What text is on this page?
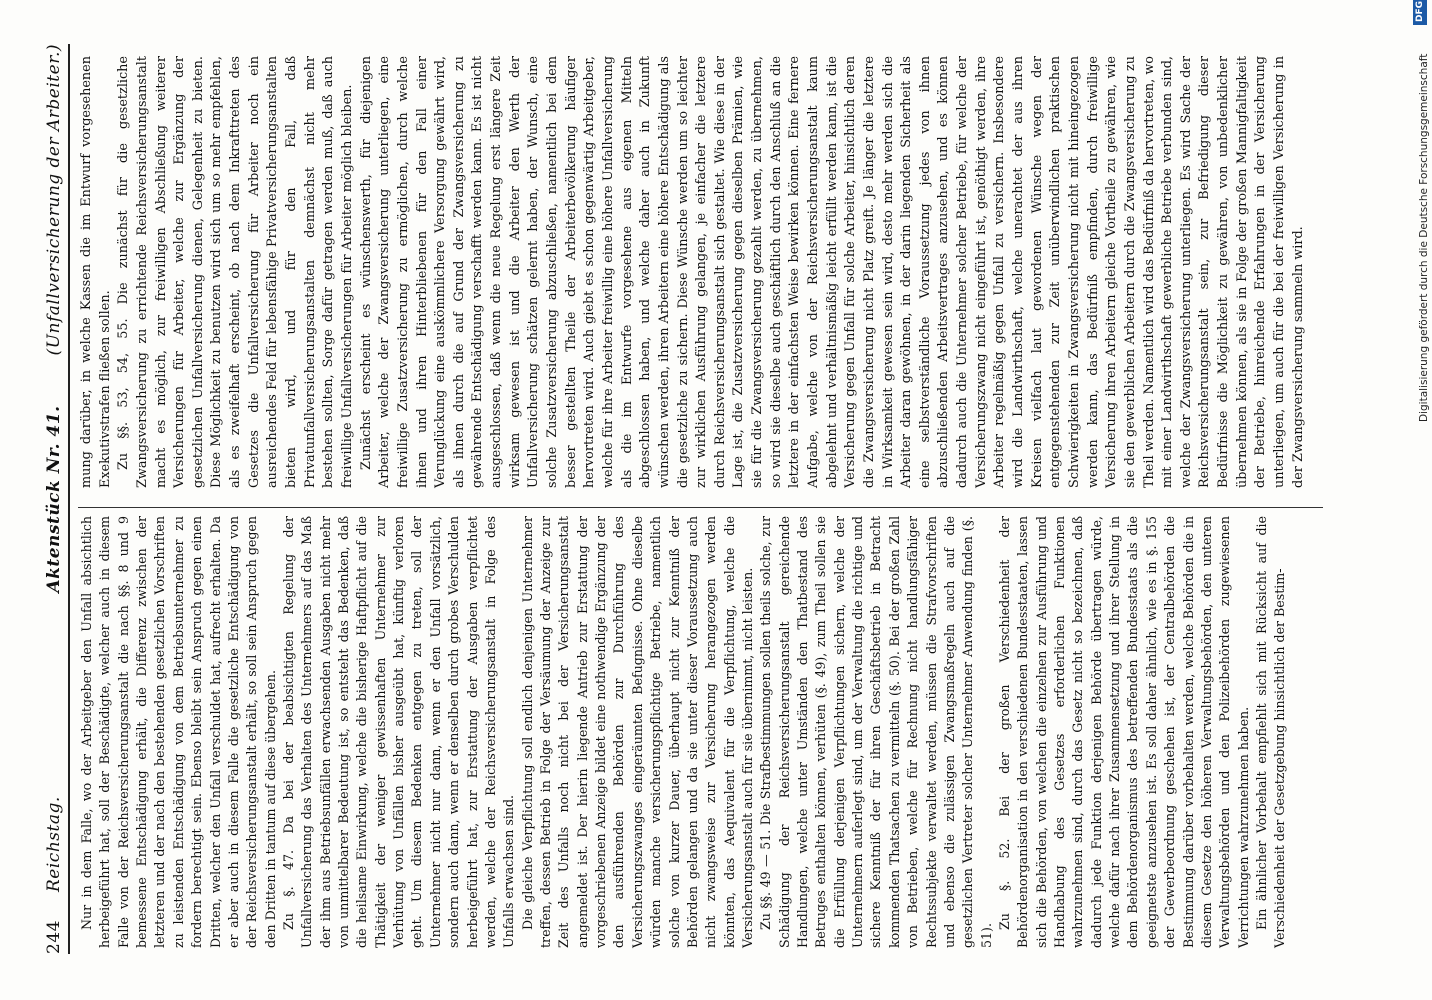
244
Reichstag.
Aktenstück Nr. 41.
(Unfallversicherung der Arbeiter.)

Nur in dem Falle, wo der Arbeitgeber den Unfall absichtlich herbeigeführt hat, soll der Beschädigte, welcher auch in diesem Falle von der Reichsversicherungsanstalt die nach §§. 8 und 9 bemessene Entschädigung erhält, die Differenz zwischen der letzteren und der nach den bestehenden gesetzlichen Vorschriften zu leistenden Entschädigung von dem Betriebsunternehmer zu fordern berechtigt sein. Ebenso bleibt sein Anspruch gegen einen Dritten, welcher den Unfall verschuldet hat, aufrecht erhalten. Da er aber auch in diesem Falle die gesetzliche Entschädigung von der Reichsversicherungsanstalt erhält, so soll sein Anspruch gegen den Dritten in tantum auf diese übergehen. Zu §. 47. Da bei der beabsichtigten Regelung der Unfallversicherung das Verhalten des Unternehmers auf das Maß der ihm aus Betriebsunfällen erwachsenden Ausgaben nicht mehr von unmittelbarer Bedeutung ist, so entsteht das Bedenken, daß die heilsame Einwirkung, welche die bisherige Haftpflicht auf die Thätigkeit der weniger gewissenhaften Unternehmer zur Verhütung von Unfällen bisher ausgeübt hat, künftig verloren geht. Um diesem Bedenken entgegen zu treten, soll der Unternehmer nicht nur dann, wenn er den Unfall vorsätzlich, sondern auch dann, wenn er denselben durch grobes Verschulden herbeigeführt hat, zur Erstattung der Ausgaben verpflichtet werden, welche der Reichsversicherungsanstalt in Folge des Unfalls erwachsen sind. Die gleiche Verpflichtung soll endlich denjenigen Unternehmer treffen, dessen Betrieb in Folge der Versäumung der Anzeige zur Zeit des Unfalls noch nicht bei der Versicherungsanstalt angemeldet ist. Der hierin liegende Antrieb zur Erstattung der vorgeschriebenen Anzeige bildet eine nothwendige Ergänzung der den ausführenden Behörden zur Durchführung des Versicherungszwanges eingeräumten Befugnisse. Ohne dieselbe würden manche versicherungspflichtige Betriebe, namentlich solche von kurzer Dauer, überhaupt nicht zur Kenntniß der Behörden gelangen und da sie unter dieser Voraussetzung auch nicht zwangsweise zur Versicherung herangezogen werden könnten, das Aequivalent für die Verpflichtung, welche die Versicherungsanstalt auch für sie übernimmt, nicht leisten. Zu §§. 49 — 51. Die Strafbestimmungen sollen theils solche, zur Schädigung der Reichsversicherungsanstalt gereichende Handlungen, welche unter Umständen den Thatbestand des Betruges enthalten können, verhüten (§. 49), zum Theil sollen sie die Erfüllung derjenigen Verpflichtungen sichern, welche der Unternehmern auferlegt sind, um der Verwaltung die richtige und sichere Kenntniß der für ihren Geschäftsbetrieb in Betracht kommenden Thatsachen zu vermitteln (§. 50). Bei der großen Zahl von Betrieben, welche für Rechnung nicht handlungsfähiger Rechtssubjekte verwaltet werden, müssen die Strafvorschriften und ebenso die zulässigen Zwangsmaßregeln auch auf die gesetzlichen Vertreter solcher Unternehmer Anwendung finden (§. 51).

Zu §. 52. Bei der großen Verschiedenheit der Behördenorganisation in den verschiedenen Bundesstaaten, lassen sich die Behörden, von welchen die einzelnen zur Ausführung und Handhabung des Gesetzes erforderlichen Funktionen wahrzunehmen sind, durch das Gesetz nicht so bezeichnen, daß dadurch jede Funktion derjenigen Behörde übertragen würde, welche dafür nach ihrer Zusammensetzung und ihrer Stellung in dem Behördenorganismus des betreffenden Bundesstaats als die geeignetste anzusehen ist. Es soll daher ähnlich, wie es in §. 155 der Gewerbeordnung geschehen ist, der Centralbehörden die Bestimmung darüber vorbehalten werden, welche Behörden die in diesem Gesetze den höheren Verwaltungsbehörden, den unteren Verwaltungsbehörden und den Polizeibehörden zugewiesenen Verrichtungen wahrzunehmen haben. Ein ähnlicher Vorbehalt empfiehlt sich mit Rücksicht auf die Verschiedenheit der Gesetzgebung hinsichtlich der Bestim-

mung darüber, in welche Kassen die im Entwurf vorgesehenen Exekutivstrafen fließen sollen. Zu §§. 53, 54, 55. Die zunächst für die gesetzliche Zwangsversicherung zu errichtende Reichsversicherungsanstalt macht es möglich, zur freiwilligen Abschließung weiterer Versicherungen für Arbeiter, welche zur Ergänzung der gesetzlichen Unfallversicherung dienen, Gelegenheit zu bieten. Diese Möglichkeit zu benutzen wird sich um so mehr empfehlen, als es zweifelhaft erscheint, ob nach dem Inkrafttreten des Gesetzes die Unfallversicherung für Arbeiter noch ein ausreichendes Feld für lebensfähige Privatversicherungsanstalten bieten wird, und für den Fall, daß Privatunfallversicherungsanstalten demnächst nicht mehr bestehen sollten, Sorge dafür getragen werden muß, daß auch freiwillige Unfallversicherungen für Arbeiter möglich bleiben. Zunächst erscheint es wünschenswerth, für diejenigen Arbeiter, welche der Zwangsversicherung unterliegen, eine freiwillige Zusatzversicherung zu ermöglichen, durch welche ihnen und ihren Hinterbliebenen für den Fall einer Verunglückung eine auskömmlichere Versorgung gewährt wird, als ihnen durch die auf Grund der Zwangsversicherung zu gewährende Entschädigung verschafft werden kann. Es ist nicht ausgeschlossen, daß wenn die neue Regelung erst längere Zeit wirksam gewesen ist und die Arbeiter den Werth der Unfallversicherung schätzen gelernt haben, der Wunsch, eine solche Zusatzversicherung abzuschließen, namentlich bei dem besser gestellten Theile der Arbeiterbevölkerung häufiger hervortreten wird. Auch giebt es schon gegenwärtig Arbeitgeber, welche für ihre Arbeiter freiwillig eine höhere Unfallversicherung als die im Entwurfe vorgesehene aus eigenen Mitteln abgeschlossen haben, und welche daher auch in Zukunft wünschen werden, ihren Arbeitern eine höhere Entschädigung als die gesetzliche zu sichern. Diese Wünsche werden um so leichter zur wirklichen Ausführung gelangen, je einfacher die letztere durch Reichsversicherungsanstalt sich gestaltet. Wie diese in der Lage ist, die Zusatzversicherung gegen dieselben Prämien, wie sie für die Zwangsversicherung gezahlt werden, zu übernehmen, so wird sie dieselbe auch geschäftlich durch den Anschluß an die letztere in der einfachsten Weise bewirken können. Eine fernere Aufgabe, welche von der Reichsversicherungsanstalt kaum abgelehnt und verhältnismäßig leicht erfüllt werden kann, ist die Versicherung gegen Unfall für solche Arbeiter, hinsichtlich deren die Zwangsversicherung nicht Platz greift. Je länger die letztere in Wirksamkeit gewesen sein wird, desto mehr werden sich die Arbeiter daran gewöhnen, in der darin liegenden Sicherheit als eine selbstverständliche Voraussetzung jedes von ihnen abzuschließenden Arbeitsvertrages anzusehen, und es können dadurch auch die Unternehmer solcher Betriebe, für welche der Versicherungszwang nicht eingeführt ist, genöthigt werden, ihre Arbeiter regelmäßig gegen Unfall zu versichern. Insbesondere wird die Landwirthschaft, welche unerachtet der aus ihren Kreisen vielfach laut gewordenen Wünsche wegen der entgegenstehenden zur Zeit unüberwindlichen praktischen Schwierigkeiten in Zwangsversicherung nicht mit hineingezogen werden kann, das Bedürfniß empfinden, durch freiwillige Versicherung ihren Arbeitern gleiche Vortheile zu gewähren, wie sie den gewerblichen Arbeitern durch die Zwangsversicherung zu Theil werden. Namentlich wird das Bedürfniß da hervortreten, wo mit einer Landwirthschaft gewerbliche Betriebe verbunden sind, welche der Zwangsversicherung unterliegen. Es wird Sache der Reichsversicherungsanstalt sein, zur Befriedigung dieser Bedürfnisse die Möglichkeit zu gewähren, von unbedenklicher übernehmen können, als sie in Folge der großen Mannigfaltigkeit der Betriebe, hinreichende Erfahrungen in der Versicherung unterliegen, um auch für die bei der freiwilligen Versicherung in der Zwangsversicherung sammeln wird.	Digitalisierung gefördert durch die Deutsche Forschungsgemeinschaft
DFG
